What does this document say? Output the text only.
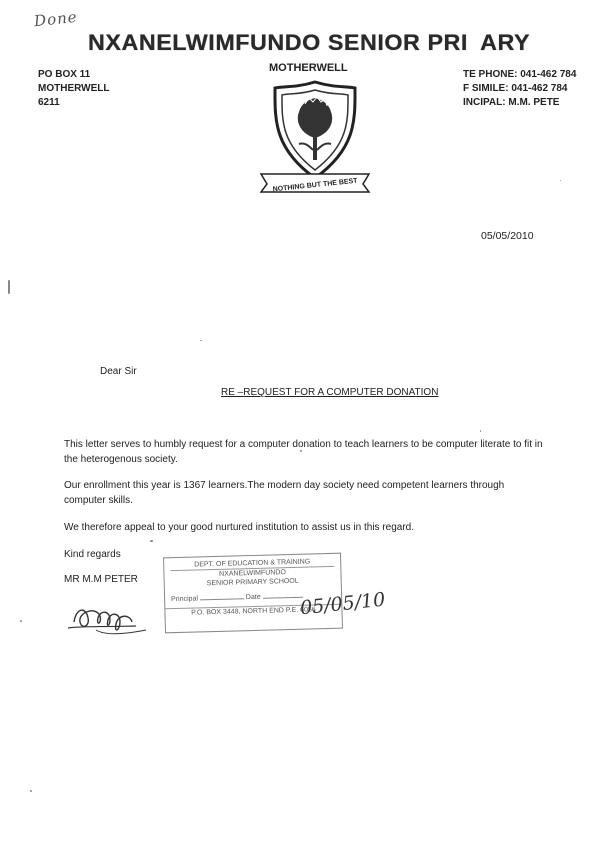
Done
NXANELWIMFUNDO SENIOR PRI ARY
PO BOX 11
MOTHERWELL
6211
MOTHERWELL
NOTHING BUT THE BEST
TE PHONE: 041-462 784
F SIMILE: 041-462 784
INCIPAL: M.M. PETE
05/05/2010
Dear Sir
RE –REQUEST FOR A COMPUTER DONATION
This letter serves to humbly request for a computer donation to teach learners to be computer literate to fit in the heterogenous society.
Our enrollment this year is 1367 learners.The modern day society need competent learners through computer skills.
We therefore appeal to your good nurtured institution to assist us in this regard.
Kind regards
MR M.M PETER
DEPT. OF EDUCATION & TRAINING
NXANELWIMFUNDO
SENIOR PRIMARY SCHOOL
Principal	Date
P.O. BOX 3448, NORTH END P.E. 6056
05/05/10
